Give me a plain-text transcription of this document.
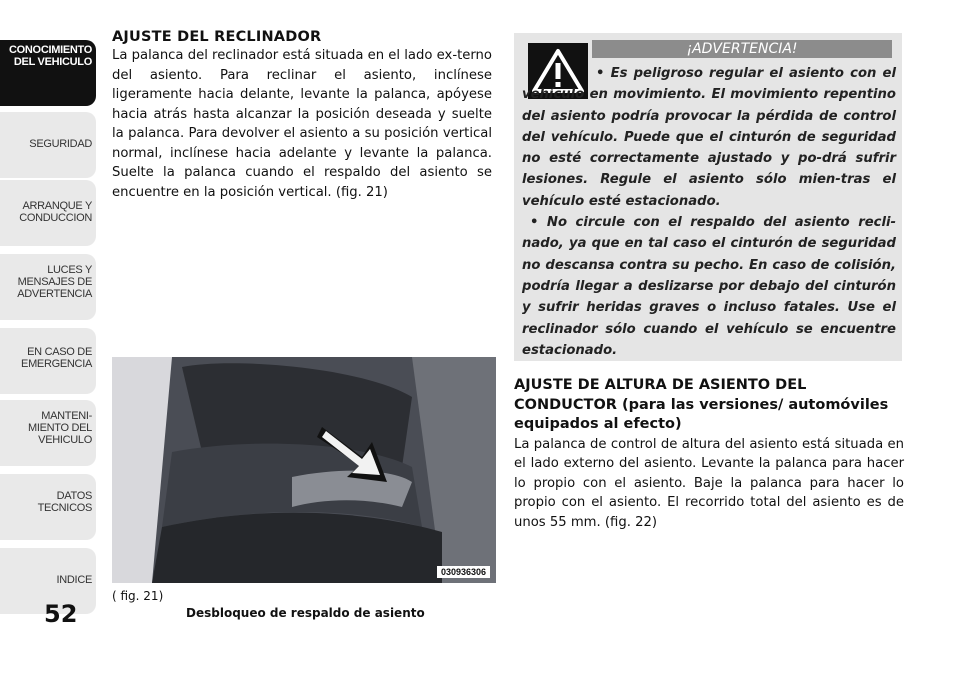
CONOCIMIENTO
DEL VEHICULO
SEGURIDAD
ARRANQUE Y
CONDUCCION
LUCES Y
MENSAJES DE
ADVERTENCIA
EN CASO DE
EMERGENCIA
MANTENI-
MIENTO DEL
VEHICULO
DATOS
TECNICOS
INDICE
52

AJUSTE DEL RECLINADOR

La palanca del reclinador está situada en el lado ex-terno del asiento. Para reclinar el asiento, inclínese ligeramente hacia delante, levante la palanca, apóyese hacia atrás hasta alcanzar la posición deseada y suelte la palanca. Para devolver el asiento a su posición vertical normal, inclínese hacia adelante y levante la palanca. Suelte la palanca cuando el respaldo del asiento se encuentre en la posición vertical. (fig. 21)

030936306
( fig. 21)
Desbloqueo de respaldo de asiento
¡ADVERTENCIA!

• Es peligroso regular el asiento con el vehículo en movimiento. El movimiento repentino del asiento podría provocar la pérdida de control del vehículo. Puede que el cinturón de seguridad no esté correctamente ajustado y po-drá sufrir lesiones. Regule el asiento sólo mien-tras el vehículo esté estacionado.

• No circule con el respaldo del asiento recli-nado, ya que en tal caso el cinturón de seguridad no descansa contra su pecho. En caso de colisión, podría llegar a deslizarse por debajo del cinturón y sufrir heridas graves o incluso fatales. Use el reclinador sólo cuando el vehículo se encuentre estacionado.

AJUSTE DE ALTURA DE ASIENTO DEL CONDUCTOR (para las versiones/ automóviles equipados al efecto)

La palanca de control de altura del asiento está situada en el lado externo del asiento. Levante la palanca para hacer lo propio con el asiento. Baje la palanca para hacer lo propio con el asiento. El recorrido total del asiento es de unos 55 mm. (fig. 22)
